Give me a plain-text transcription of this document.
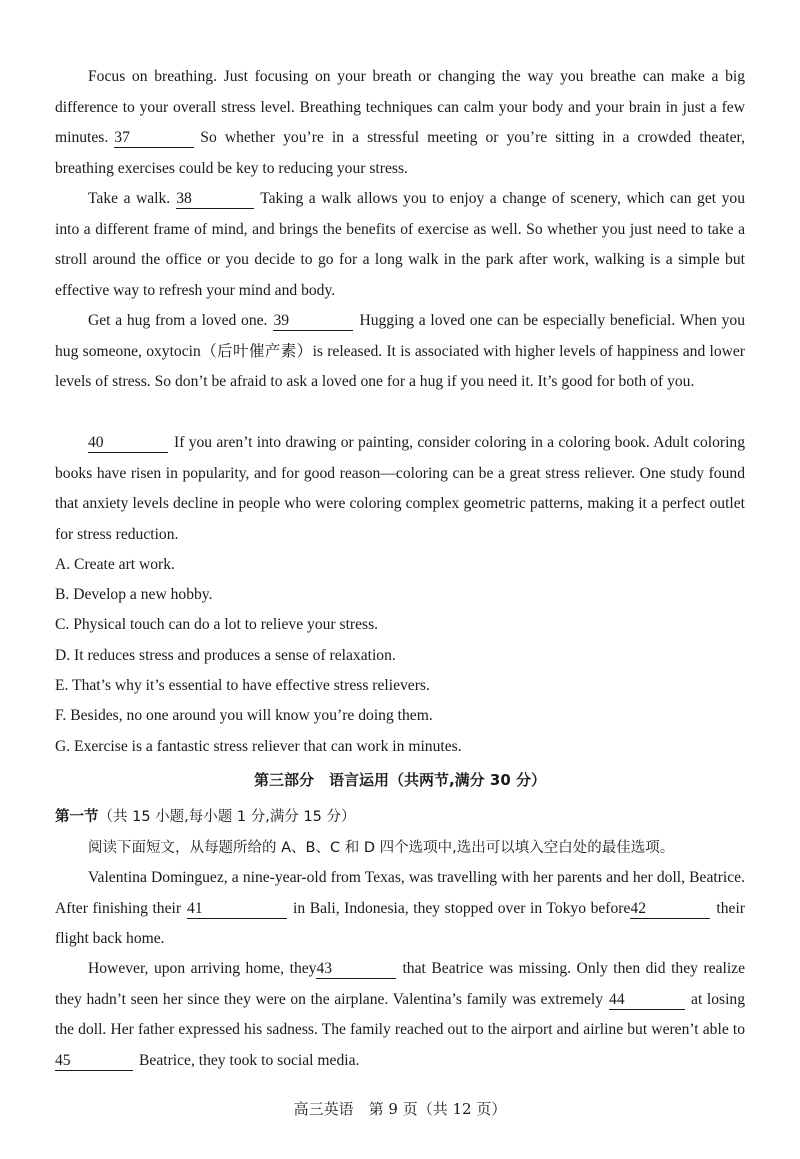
Focus on breathing. Just focusing on your breath or changing the way you breathe can make a big difference to your overall stress level. Breathing techniques can calm your body and your brain in just a few minutes. 37	So whether you’re in a stressful meeting or you’re sitting in a crowded theater, breathing exercises could be key to reducing your stress.

Take a walk. 38	Taking a walk allows you to enjoy a change of scenery, which can get you into a different frame of mind, and brings the benefits of exercise as well. So whether you just need to take a stroll around the office or you decide to go for a long walk in the park after work, walking is a simple but effective way to refresh your mind and body.

Get a hug from a loved one. 39	Hugging a loved one can be especially beneficial. When you hug someone, oxytocin（后叶催产素）is released. It is associated with higher levels of happiness and lower levels of stress. So don’t be afraid to ask a loved one for a hug if you need it. It’s good for both of you.

40	If you aren’t into drawing or painting, consider coloring in a coloring book. Adult coloring books have risen in popularity, and for good reason—coloring can be a great stress reliever. One study found that anxiety levels decline in people who were coloring complex geometric patterns, making it a perfect outlet for stress reduction.

A. Create art work.
B. Develop a new hobby.
C. Physical touch can do a lot to relieve your stress.
D. It reduces stress and produces a sense of relaxation.
E. That’s why it’s essential to have effective stress relievers.
F. Besides, no one around you will know you’re doing them.
G. Exercise is a fantastic stress reliever that can work in minutes.
第三部分　语言运用（共两节,满分 30 分）
第一节（共 15 小题,每小题 1 分,满分 15 分）
阅读下面短文，从每题所给的 A、B、C 和 D 四个选项中,选出可以填入空白处的最佳选项。

Valentina Dominguez, a nine-year-old from Texas, was travelling with her parents and her doll, Beatrice. After finishing their 41	in Bali, Indonesia, they stopped over in Tokyo before42	their flight back home.

However, upon arriving home, they43	that Beatrice was missing. Only then did they realize they hadn’t seen her since they were on the airplane. Valentina’s family was extremely 44	at losing the doll. Her father expressed his sadness. The family reached out to the airport and airline but weren’t able to45	Beatrice, they took to social media.

高三英语　第 9 页（共 12 页）
